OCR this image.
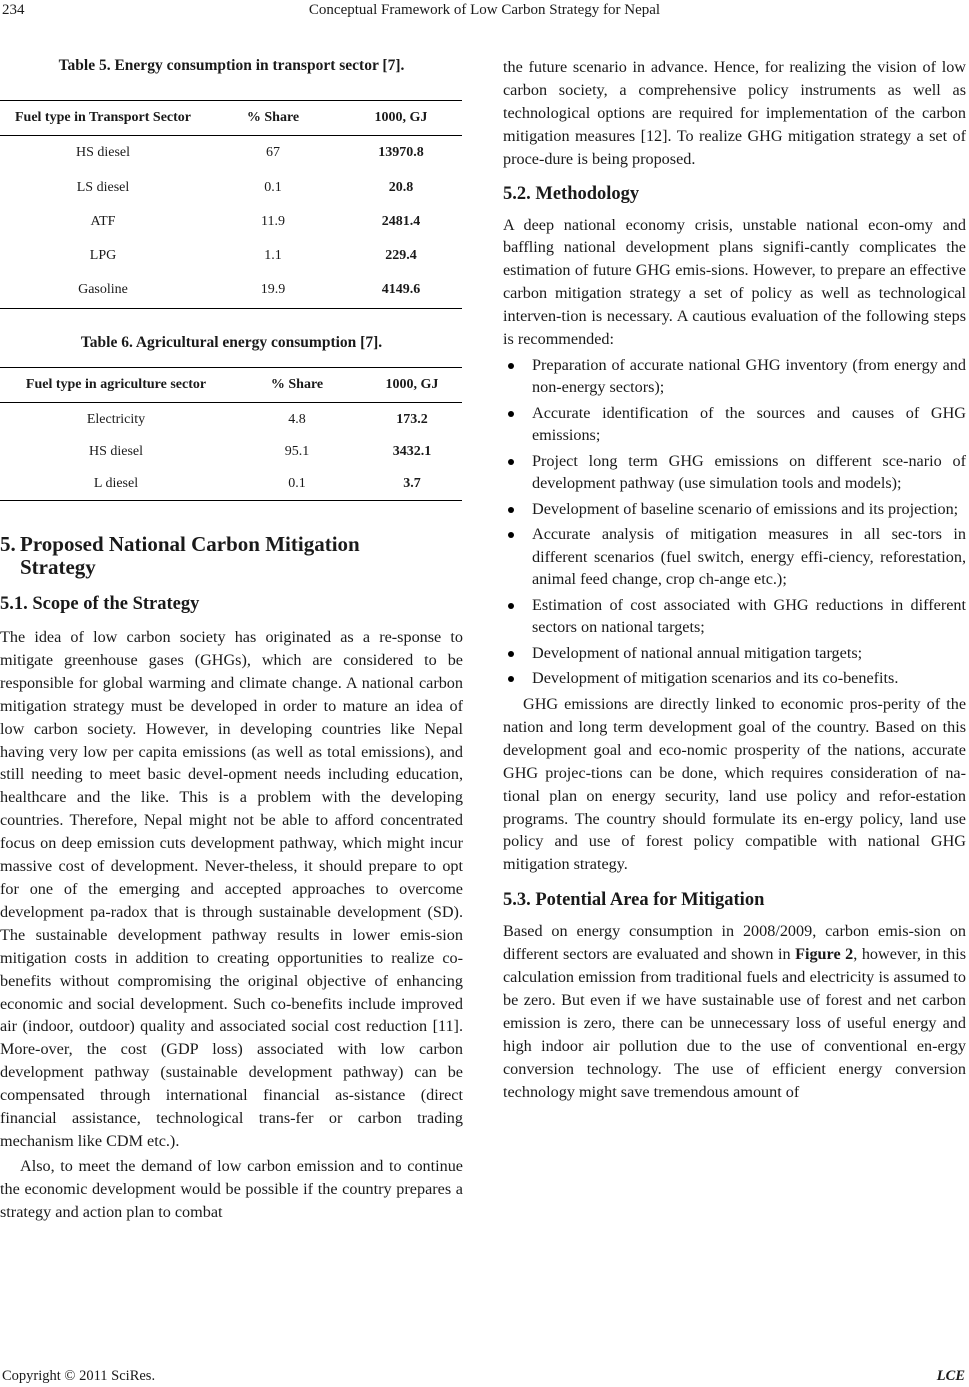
234	Conceptual Framework of Low Carbon Strategy for Nepal
Table 5. Energy consumption in transport sector [7].
Fuel type in Transport Sector	% Share	1000, GJ
HS diesel	67	13970.8
LS diesel	0.1	20.8
ATF	11.9	2481.4
LPG	1.1	229.4
Gasoline	19.9	4149.6
Table 6. Agricultural energy consumption [7].
Fuel type in agriculture sector	% Share	1000, GJ
Electricity	4.8	173.2
HS diesel	95.1	3432.1
L diesel	0.1	3.7
5. Proposed National Carbon Mitigation
Strategy
5.1. Scope of the Strategy

The idea of low carbon society has originated as a re-sponse to mitigate greenhouse gases (GHGs), which are considered to be responsible for global warming and climate change. A national carbon mitigation strategy must be developed in order to mature an idea of low carbon society. However, in developing countries like Nepal having very low per capita emissions (as well as total emissions), and still needing to meet basic devel-opment needs including education, healthcare and the like. This is a problem with the developing countries. Therefore, Nepal might not be able to afford concentrated focus on deep emission cuts development pathway, which might incur massive cost of development. Never-theless, it should prepare to opt for one of the emerging and accepted approaches to overcome development pa-radox that is through sustainable development (SD). The sustainable development pathway results in lower emis-sion mitigation costs in addition to creating opportunities to realize co-benefits without compromising the original objective of enhancing economic and social development. Such co-benefits include improved air (indoor, outdoor) quality and associated social cost reduction [11]. More-over, the cost (GDP loss) associated with low carbon development pathway (sustainable development pathway) can be compensated through international financial as-sistance (direct financial assistance, technological trans-fer or carbon trading mechanism like CDM etc.).

Also, to meet the demand of low carbon emission and to continue the economic development would be possible if the country prepares a strategy and action plan to combat

the future scenario in advance. Hence, for realizing the vision of low carbon society, a comprehensive policy instruments as well as technological options are required for implementation of the carbon mitigation measures [12]. To realize GHG mitigation strategy a set of proce-dure is being proposed.

5.2. Methodology

A deep national economy crisis, unstable national econ-omy and baffling national development plans signifi-cantly complicates the estimation of future GHG emis-sions. However, to prepare an effective carbon mitigation strategy a set of policy as well as technological interven-tion is necessary. A cautious evaluation of the following steps is recommended:

Preparation of accurate national GHG inventory (from energy and non-energy sectors);
Accurate identification of the sources and causes of GHG emissions;
Project long term GHG emissions on different sce-nario of development pathway (use simulation tools and models);
Development of baseline scenario of emissions and its projection;
Accurate analysis of mitigation measures in all sec-tors in different scenarios (fuel switch, energy effi-ciency, reforestation, animal feed change, crop ch-ange etc.);
Estimation of cost associated with GHG reductions in different sectors on national targets;
Development of national annual mitigation targets;
Development of mitigation scenarios and its co-benefits.

GHG emissions are directly linked to economic pros-perity of the nation and long term development goal of the country. Based on this development goal and eco-nomic prosperity of the nations, accurate GHG projec-tions can be done, which requires consideration of na-tional plan on energy security, land use policy and refor-estation programs. The country should formulate its en-ergy policy, land use policy and use of forest policy compatible with national GHG mitigation strategy.

5.3. Potential Area for Mitigation

Based on energy consumption in 2008/2009, carbon emis-sion on different sectors are evaluated and shown in Figure 2, however, in this calculation emission from traditional fuels and electricity is assumed to be zero. But even if we have sustainable use of forest and net carbon emission is zero, there can be unnecessary loss of useful energy and high indoor air pollution due to the use of conventional en-ergy conversion technology. The use of efficient energy conversion technology might save tremendous amount of

Copyright © 2011 SciRes.	LCE
